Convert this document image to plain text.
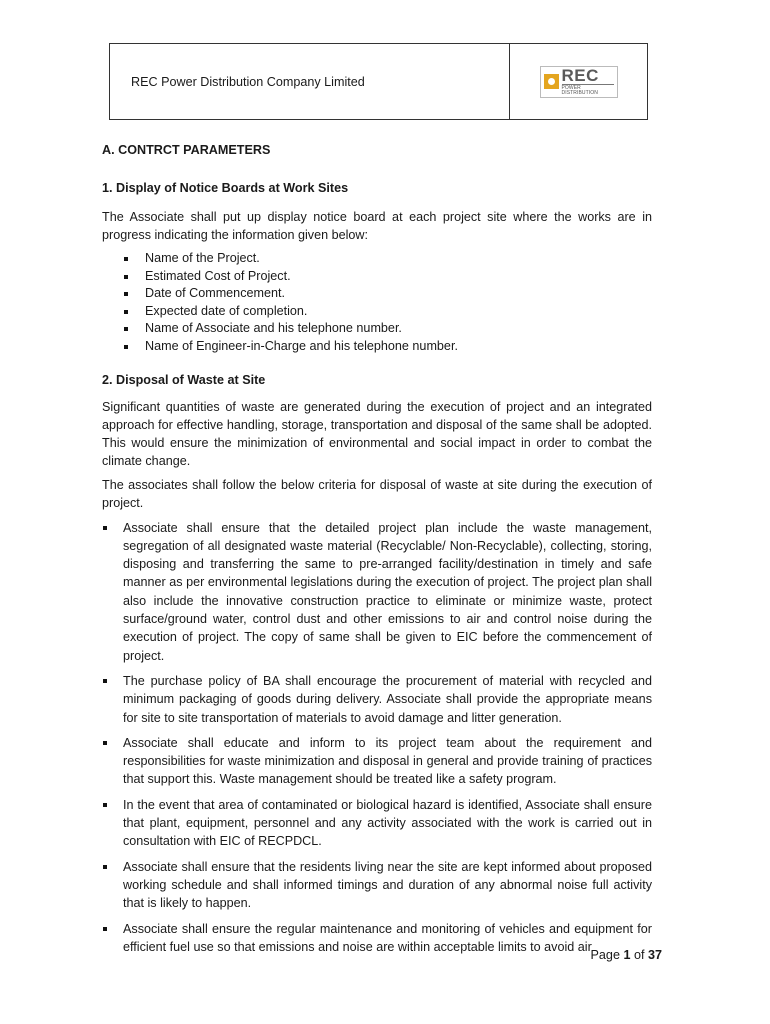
REC Power Distribution Company Limited	REC
POWER DISTRIBUTION

A. CONTRCT PARAMETERS

1. Display of Notice Boards at Work Sites

The Associate shall put up display notice board at each project site where the works are in progress indicating the information given below:

Name of the Project.
Estimated Cost of Project.
Date of Commencement.
Expected date of completion.
Name of Associate and his telephone number.
Name of Engineer-in-Charge and his telephone number.

2. Disposal of Waste at Site

Significant quantities of waste are generated during the execution of project and an integrated approach for effective handling, storage, transportation and disposal of the same shall be adopted. This would ensure the minimization of environmental and social impact in order to combat the climate change.

The associates shall follow the below criteria for disposal of waste at site during the execution of project.

Associate shall ensure that the detailed project plan include the waste management, segregation of all designated waste material (Recyclable/ Non-Recyclable), collecting, storing, disposing and transferring the same to pre-arranged facility/destination in timely and safe manner as per environmental legislations during the execution of project. The project plan shall also include the innovative construction practice to eliminate or minimize waste, protect surface/ground water, control dust and other emissions to air and control noise during the execution of project. The copy of same shall be given to EIC before the commencement of project.
The purchase policy of BA shall encourage the procurement of material with recycled and minimum packaging of goods during delivery. Associate shall provide the appropriate means for site to site transportation of materials to avoid damage and litter generation.
Associate shall educate and inform to its project team about the requirement and responsibilities for waste minimization and disposal in general and provide training of practices that support this. Waste management should be treated like a safety program.
In the event that area of contaminated or biological hazard is identified, Associate shall ensure that plant, equipment, personnel and any activity associated with the work is carried out in consultation with EIC of RECPDCL.
Associate shall ensure that the residents living near the site are kept informed about proposed working schedule and shall informed timings and duration of any abnormal noise full activity that is likely to happen.
Associate shall ensure the regular maintenance and monitoring of vehicles and equipment for efficient fuel use so that emissions and noise are within acceptable limits to avoid air
Page 1 of 37
